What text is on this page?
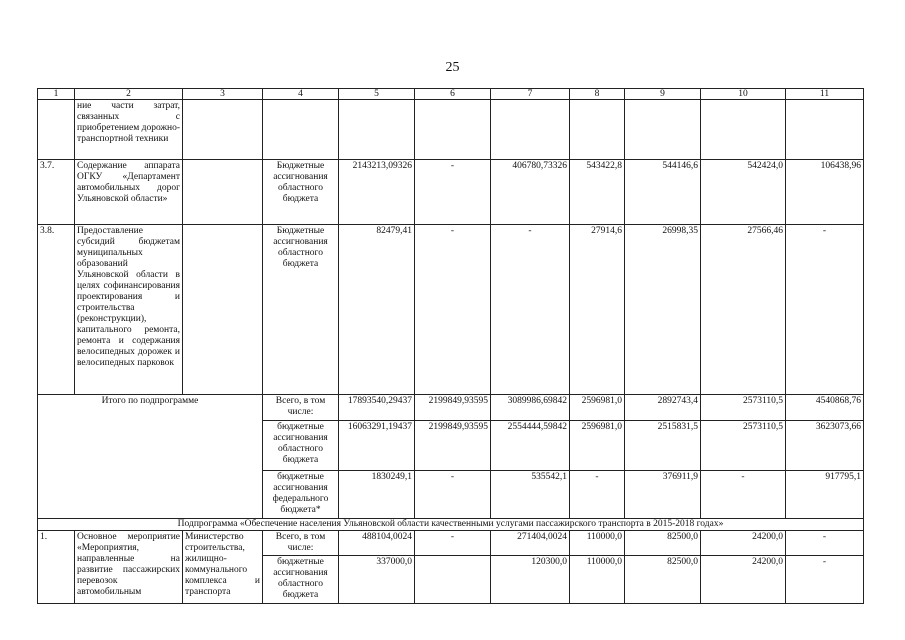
25
1	2	3	4	5	6	7	8	9	10	11
	ние части затрат, связанных с приобретением дорожно-транспортной техники									
3.7.	Содержание аппарата ОГКУ «Департамент автомобильных дорог Ульяновской области»		Бюджетные ассигнования областного бюджета	2143213,09326	-	406780,73326	543422,8	544146,6	542424,0	106438,96
3.8.	Предоставление субсидий бюджетам муниципальных образований Ульяновской области в целях софинансирования проектирования и строительства (реконструкции), капитального ремонта, ремонта и содержания велосипедных дорожек и велосипедных парковок		Бюджетные ассигнования областного бюджета	82479,41	-	-	27914,6	26998,35	27566,46	-
Итого по подпрограмме			Всего, в том числе:	17893540,29437	2199849,93595	3089986,69842	2596981,0	2892743,4	2573110,5	4540868,76
			бюджетные ассигнования областного бюджета	16063291,19437	2199849,93595	2554444,59842	2596981,0	2515831,5	2573110,5	3623073,66
			бюджетные ассигнования федерального бюджета*	1830249,1	-	535542,1	-	376911,9	-	917795,1
Подпрограмма «Обеспечение населения Ульяновской области качественными услугами пассажирского транспорта в 2015-2018 годах»										
1.	Основное мероприятие «Мероприятия, направленные на развитие пассажирских перевозок автомобильным	Министерство строительства, жилищно-коммунального комплекса и транспорта	Всего, в том числе:	488104,0024	-	271404,0024	110000,0	82500,0	24200,0	-
			бюджетные ассигнования областного бюджета	337000,0		120300,0	110000,0	82500,0	24200,0	-
